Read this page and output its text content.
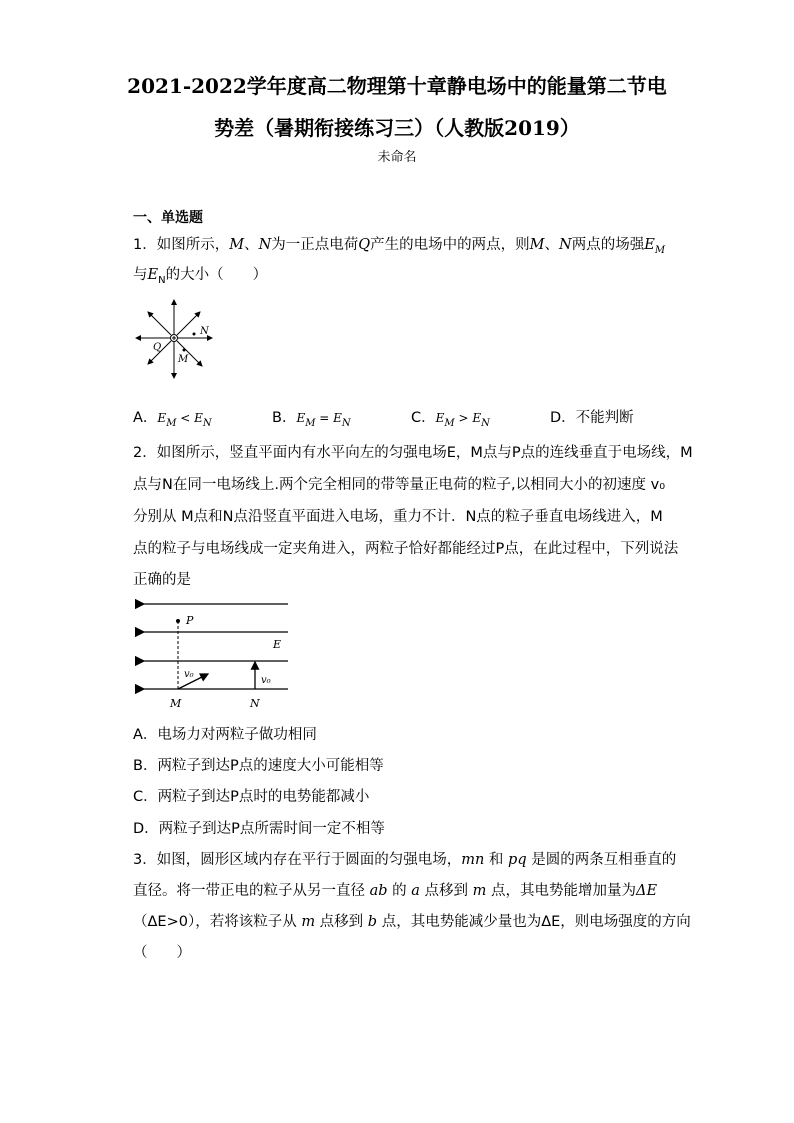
2021-2022学年度高二物理第十章静电场中的能量第二节电
势差（暑期衔接练习三）（人教版2019）
未命名
一、单选题
1．如图所示，M、N为一正点电荷Q产生的电场中的两点，则M、N两点的场强$E_M$
与$E_N$的大小（　　）
Q
N
M
A．$E_M < E_N$	B．$E_M = E_N$	C．$E_M > E_N$	D．不能判断
2．如图所示，竖直平面内有水平向左的匀强电场E，M点与P点的连线垂直于电场线，M
点与N在同一电场线上.两个完全相同的带等量正电荷的粒子,以相同大小的初速度 v₀
分别从 M点和N点沿竖直平面进入电场，重力不计．N点的粒子垂直电场线进入，M
点的粒子与电场线成一定夹角进入，两粒子恰好都能经过P点，在此过程中，下列说法
正确的是
P
E
v₀
v₀
M	N
A．电场力对两粒子做功相同
B．两粒子到达P点的速度大小可能相等
C．两粒子到达P点时的电势能都减小
D．两粒子到达P点所需时间一定不相等
3．如图，圆形区域内存在平行于圆面的匀强电场，mn 和 pq 是圆的两条互相垂直的
直径。将一带正电的粒子从另一直径 ab 的 a 点移到 m 点，其电势能增加量为ΔE
（ΔE>0），若将该粒子从 m 点移到 b 点，其电势能减少量也为ΔE，则电场强度的方向
（　　）
